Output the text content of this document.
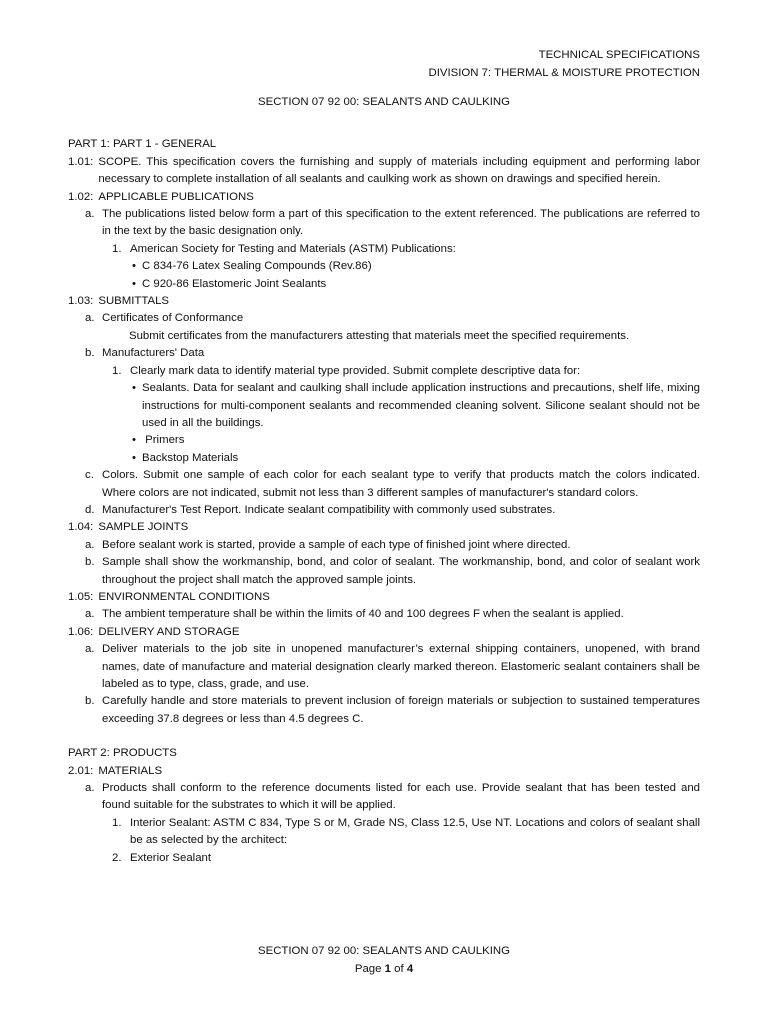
TECHNICAL SPECIFICATIONS
DIVISION 7: THERMAL & MOISTURE PROTECTION
SECTION 07 92 00: SEALANTS AND CAULKING
PART 1: PART 1 - GENERAL
1.01: SCOPE. This specification covers the furnishing and supply of materials including equipment and performing labor necessary to complete installation of all sealants and caulking work as shown on drawings and specified herein.
1.02: APPLICABLE PUBLICATIONS
a. The publications listed below form a part of this specification to the extent referenced. The publications are referred to in the text by the basic designation only.
1. American Society for Testing and Materials (ASTM) Publications:
• C 834-76 Latex Sealing Compounds (Rev.86)
• C 920-86 Elastomeric Joint Sealants
1.03: SUBMITTALS
a. Certificates of Conformance
Submit certificates from the manufacturers attesting that materials meet the specified requirements.
b. Manufacturers' Data
1. Clearly mark data to identify material type provided. Submit complete descriptive data for:
• Sealants. Data for sealant and caulking shall include application instructions and precautions, shelf life, mixing instructions for multi-component sealants and recommended cleaning solvent. Silicone sealant should not be used in all the buildings.
• Primers
• Backstop Materials
c. Colors. Submit one sample of each color for each sealant type to verify that products match the colors indicated. Where colors are not indicated, submit not less than 3 different samples of manufacturer's standard colors.
d. Manufacturer's Test Report. Indicate sealant compatibility with commonly used substrates.
1.04: SAMPLE JOINTS
a. Before sealant work is started, provide a sample of each type of finished joint where directed.
b. Sample shall show the workmanship, bond, and color of sealant. The workmanship, bond, and color of sealant work throughout the project shall match the approved sample joints.
1.05: ENVIRONMENTAL CONDITIONS
a. The ambient temperature shall be within the limits of 40 and 100 degrees F when the sealant is applied.
1.06: DELIVERY AND STORAGE
a. Deliver materials to the job site in unopened manufacturer’s external shipping containers, unopened, with brand names, date of manufacture and material designation clearly marked thereon. Elastomeric sealant containers shall be labeled as to type, class, grade, and use.
b. Carefully handle and store materials to prevent inclusion of foreign materials or subjection to sustained temperatures exceeding 37.8 degrees or less than 4.5 degrees C.
PART 2: PRODUCTS
2.01: MATERIALS
a. Products shall conform to the reference documents listed for each use. Provide sealant that has been tested and found suitable for the substrates to which it will be applied.
1. Interior Sealant: ASTM C 834, Type S or M, Grade NS, Class 12.5, Use NT. Locations and colors of sealant shall be as selected by the architect:
2. Exterior Sealant
SECTION 07 92 00: SEALANTS AND CAULKING
Page 1 of 4
